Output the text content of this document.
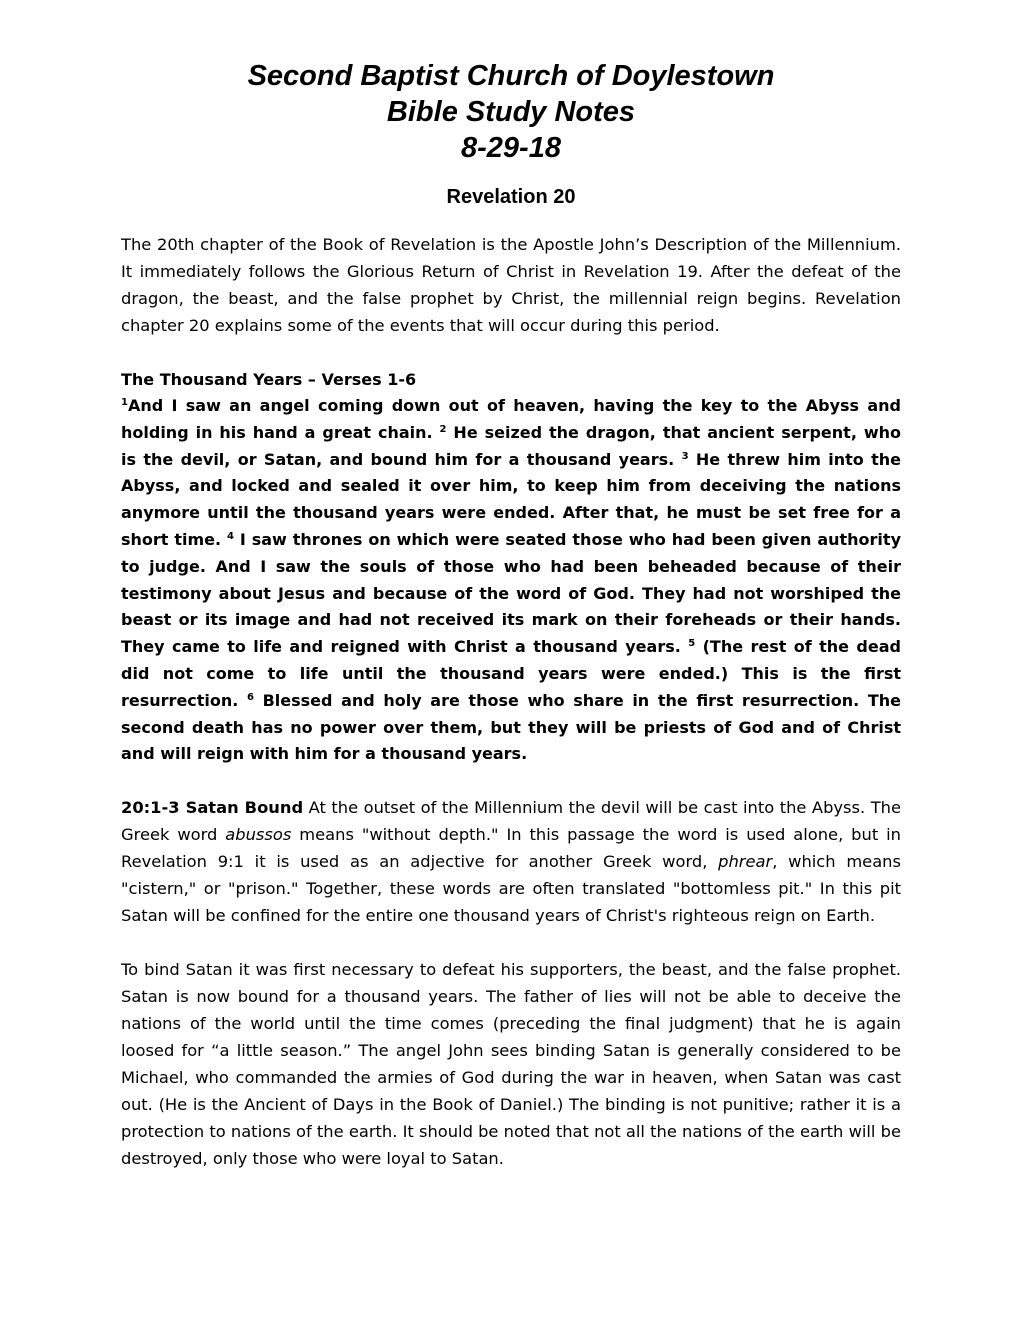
Second Baptist Church of Doylestown
Bible Study Notes
8-29-18
Revelation 20

The 20th chapter of the Book of Revelation is the Apostle John’s Description of the Millennium. It immediately follows the Glorious Return of Christ in Revelation 19. After the defeat of the dragon, the beast, and the false prophet by Christ, the millennial reign begins. Revelation chapter 20 explains some of the events that will occur during this period.

The Thousand Years – Verses 1-6

$^1$And I saw an angel coming down out of heaven, having the key to the Abyss and holding in his hand a great chain. $^2$ He seized the dragon, that ancient serpent, who is the devil, or Satan, and bound him for a thousand years. $^3$ He threw him into the Abyss, and locked and sealed it over him, to keep him from deceiving the nations anymore until the thousand years were ended. After that, he must be set free for a short time. $^4$ I saw thrones on which were seated those who had been given authority to judge. And I saw the souls of those who had been beheaded because of their testimony about Jesus and because of the word of God. They had not worshiped the beast or its image and had not received its mark on their foreheads or their hands. They came to life and reigned with Christ a thousand years. $^5$ (The rest of the dead did not come to life until the thousand years were ended.) This is the first resurrection. $^6$ Blessed and holy are those who share in the first resurrection. The second death has no power over them, but they will be priests of God and of Christ and will reign with him for a thousand years.

20:1-3 Satan Bound At the outset of the Millennium the devil will be cast into the Abyss. The Greek word abussos means "without depth." In this passage the word is used alone, but in Revelation 9:1 it is used as an adjective for another Greek word, phrear, which means "cistern," or "prison." Together, these words are often translated "bottomless pit." In this pit Satan will be confined for the entire one thousand years of Christ's righteous reign on Earth.

To bind Satan it was first necessary to defeat his supporters, the beast, and the false prophet. Satan is now bound for a thousand years. The father of lies will not be able to deceive the nations of the world until the time comes (preceding the final judgment) that he is again loosed for “a little season.” The angel John sees binding Satan is generally considered to be Michael, who commanded the armies of God during the war in heaven, when Satan was cast out. (He is the Ancient of Days in the Book of Daniel.) The binding is not punitive; rather it is a protection to nations of the earth. It should be noted that not all the nations of the earth will be destroyed, only those who were loyal to Satan.
